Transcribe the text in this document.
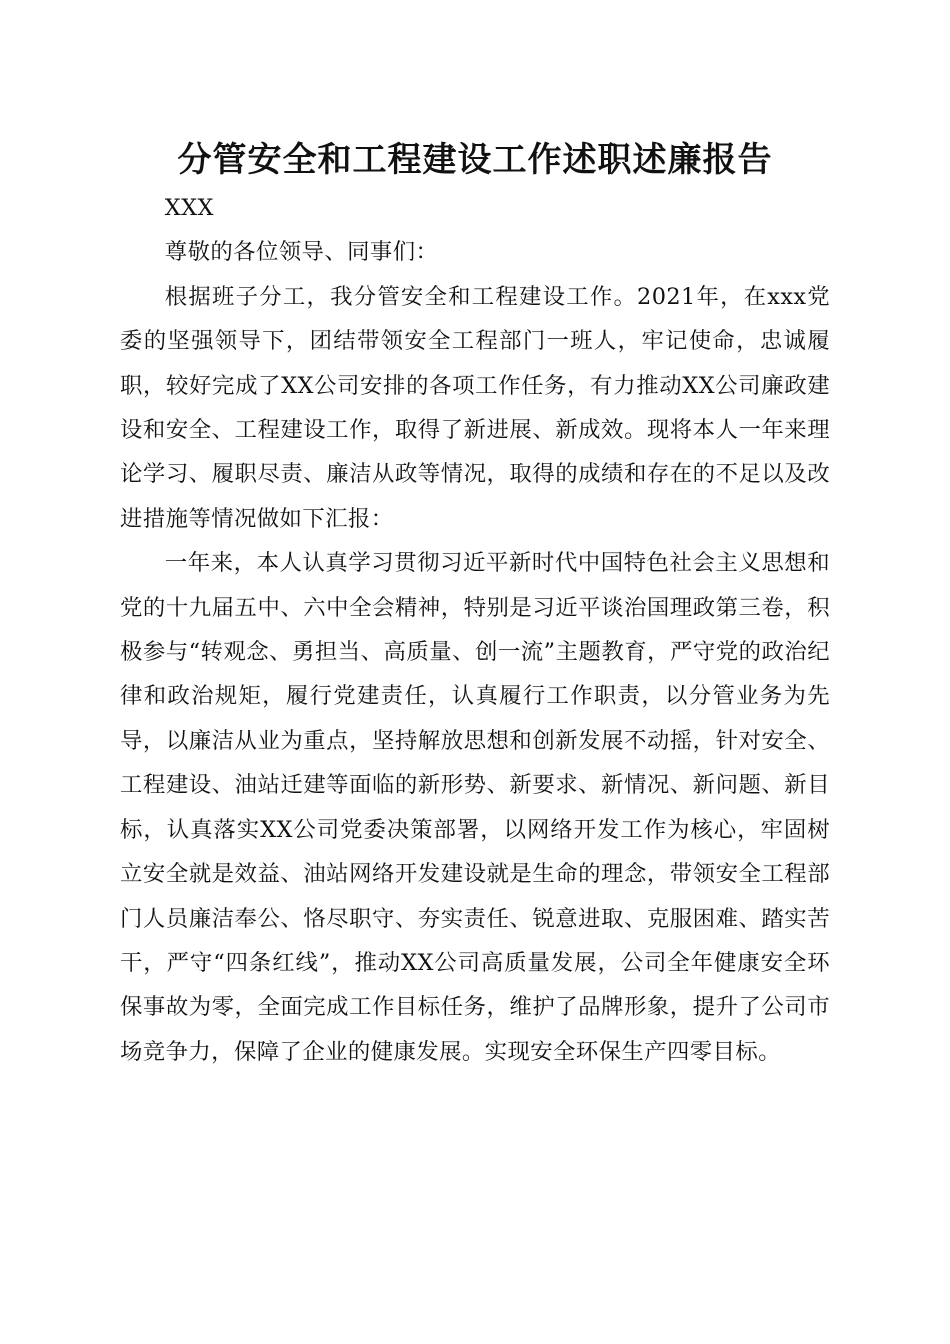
分管安全和工程建设工作述职述廉报告

XXX

尊敬的各位领导、同事们：

根据班子分工，我分管安全和工程建设工作。2021年，在xxx党委的坚强领导下，团结带领安全工程部门一班人，牢记使命，忠诚履职，较好完成了XX公司安排的各项工作任务，有力推动XX公司廉政建设和安全、工程建设工作，取得了新进展、新成效。现将本人一年来理论学习、履职尽责、廉洁从政等情况，取得的成绩和存在的不足以及改进措施等情况做如下汇报：

一年来，本人认真学习贯彻习近平新时代中国特色社会主义思想和党的十九届五中、六中全会精神，特别是习近平谈治国理政第三卷，积极参与“转观念、勇担当、高质量、创一流”主题教育，严守党的政治纪律和政治规矩，履行党建责任，认真履行工作职责，以分管业务为先导，以廉洁从业为重点，坚持解放思想和创新发展不动摇，针对安全、工程建设、油站迁建等面临的新形势、新要求、新情况、新问题、新目标，认真落实XX公司党委决策部署，以网络开发工作为核心，牢固树立安全就是效益、油站网络开发建设就是生命的理念，带领安全工程部门人员廉洁奉公、恪尽职守、夯实责任、锐意进取、克服困难、踏实苦干，严守“四条红线”，推动XX公司高质量发展，公司全年健康安全环保事故为零，全面完成工作目标任务，维护了品牌形象，提升了公司市场竞争力，保障了企业的健康发展。实现安全环保生产四零目标。
